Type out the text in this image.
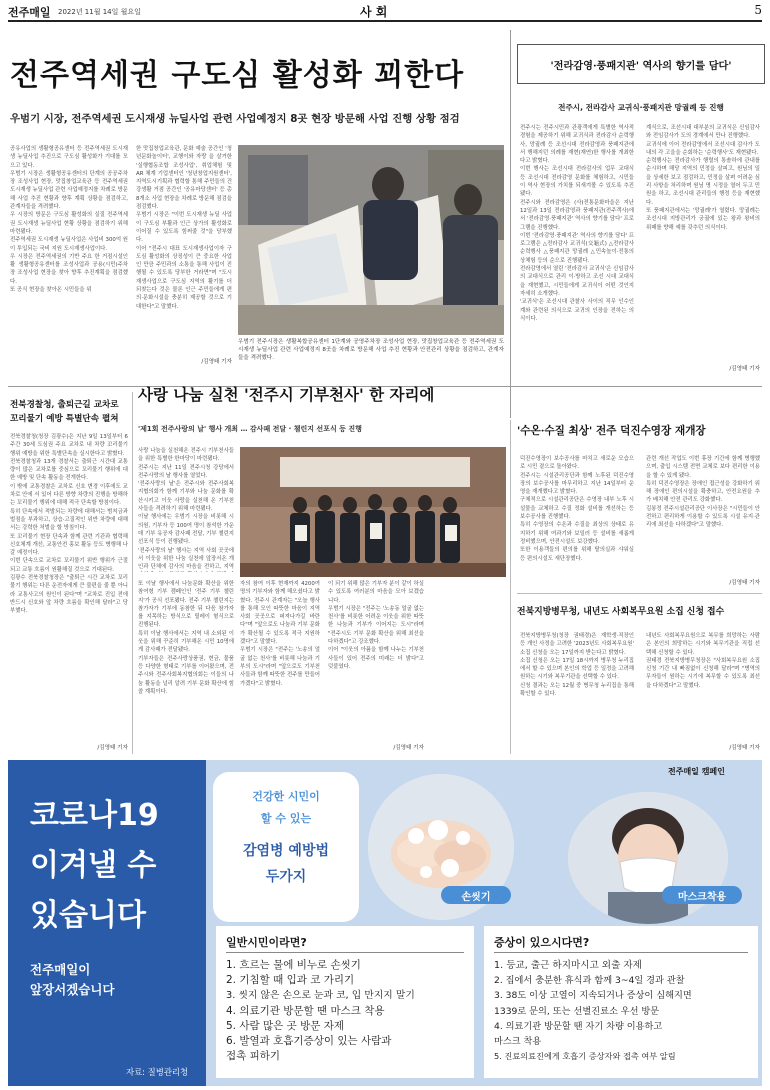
전주매일 2022년 11월 14일 월요일	사 회	5
전주역세권 구도심 활성화 꾀한다
우범기 시장, 전주역세권 도시재생 뉴딜사업 관련 사업예정지 8곳 현장 방문해 사업 진행 상황 점검
공유사업의 생활형공유센터 등 전주역세권 도시재생 뉴딜사업 추진으로 구도심 활성화가 기대를 모으고 있다.
우범기 시장은 생활형공유센터의 단계의 공공주차장 조성사업 현장, 맛집창업교육관 등 전주역세권 도시재생 뉴딜사업 관련 사업예정지를 차례로 방문해 사업 추진 현황과 향후 계획 상황을 점검하고, 관계자들을 격려했다.
우 시장의 방문은 구도심 활성화의 실질 전주역세권 도시재생 뉴딜사업 현황 상황을 점검하기 위해 마련됐다.
전주역세권 도시재생 뉴딜사업은 사업비 300억 원이 투입되는 국비 지원 도시재생사업이다.
우 시장은 전주역세권의 기반 주요 한 거점시설인 활 생활형공유센터를 조성사업과 공용(시민)주차장 조성사업 현장을 찾아 향후 추진계획을 점검했다.
또 공식 현장을 찾아온 시민들을 위
한 맛집창업교육관, 문화 예술 공간인 '청년문화놀이터', 교행이와 자랑 을 살거한 '실행협동조합 조성사업', 취업체험 및 AR 체계 기업센터인 '청년창업지원센터', 지역도시기획과 협력할 통해 주민들의 건강생활 거점 공간인 '공유마당센터' 등 총 8개소 사업 현장을 차례로 방문해 점검을 점검했다.
우범기 시장은 "이번 도시재생 뉴딜 사업이 구도심 부활과 인근 상가의 활성화로 이어질 수 있도록 힘써줄 것"을 당부했다.
이어 "전주시 대표 도시재생사업이자 구도심 활성화의 상징성이 큰 중요한 사업인 만큼 주민과의 소통을 통해 사업이 진행될 수 있도록 당부한 거라면"며 "도시재생사업으로 구도심 지역의 활기를 더 되찾는다 것은 물론 인근 주민들에게 편의·문화시설을 충분히 제공할 것으로 기대한다"고 말했다.
/김영태 기자
우범기 전주시장은 생활복합공유센터 1단계와 공영주차장 조성사업 현장, 맛집창업교육관 등 전주역세권 도시재생 뉴딜사업 관련 사업예정지 8곳을 차례로 방문해 사업 추진 현황과 안전관리 상황을 점검하고, 관계자들을 격려했다.
'전라감영·풍패지관' 역사의 향기를 담다'
전주시, 전라감사 교귀식·풍패지관 망궐례 등 진행
전주시는 전주시민과 관광객에게 특별한 역사적 경험을 제공하기 위해 교귀식과 전라감사 순력행사, 망궐례 등 조선시대 전라감영과 풍패지관에서 행해지던 의례를 재현(재연)한 행사를 개최한다고 밝혔다.
이번 행사는 조선시대 전라감사의 업무 교대식 등 조선시대 전라감영 문화를 체험하고, 시민들이 역사 현장의 가치를 되새겨볼 수 있도록 추진됐다.
전주시와 전라감영은 (사)전통문화마을은 지난 12일과 13일 전라감영과 풍패지관(전주객사)에서 '전라감영·풍패지관' 역사의 향기를 담다' 프로그램을 진행했다.
이번 '전라감영·풍패지관' 역사의 향기를 담다' 프로그램은 △전라감사 교귀식(交龜式) △전라감사 순력행사 △풍패지관 망궐례 △민속놀이·전통의상체험 등의 순으로 진행됐다.
전라감영에서 열린 '전라감사 교귀식'은 신임감사의 교대식으로 관리 이·방하고 조선 시대 교대식을 재현했고, 시민들에게 교귀식이 어떤 것인지 자세히 소개했다.
'교귀식'은 조선시대 관찰사 사이의 직무 인수인계와 관련된 의식으로 교귀의 인장을 전하는 의식이다.
계식으로, 조선시대 대부분의 교귀식은 신임감사와 전임감사가 도의 경계에서 만나 진행했다.
교귀식에 이어 전라감영에서 조선시대 감사가 도내의 각 고을을 순회하는 '순력행사'도 재현됐다.
순력행사는 전라감사가 행렬의 통솔하에 관내를 순시하며 해당 지역의 민정을 살피고, 원님의 일을 상세한 보고 점검하고, 민정을 살펴 어려운 심리 사항을 처리하며 원님 명 시정을 열어 두고 민원을 하고, 조선시대 관리들의 행정 등을 재현했다.
또 풍패지관에서는 '망궐례'가 열렸다. 망궐례는 조선시대 지방관리가 궁궐에 있는 왕과 왕비의 위패를 향해 예를 갖추던 의식이다.
/김영태 기자
전북경찰청, 출퇴근길 교차로 꼬리물기 예방 특별단속 펼쳐
전북경찰청(청장 김광수)은 지난 9일 13일부터 6주간 30세 도심권 주요 교차로 내 차량 꼬리물기 행위 예방을 위한 특별단속을 실시한다고 밝혔다.
전북경찰청과 13개 경찰서는 출퇴근 시간대 교통량이 많은 교차로를 중심으로 꼬리물기 행위에 대한 예방 및 단속 활동을 전개한다.
이 밖에 교통경찰은 교차로 신호 변경 이후에도 교차로 안에 서 있어 다른 방향 차량의 진행을 방해하는 꼬리물기 행위에 대해 적극 단속할 방침이다.
특히 단속에서 적발되는 차량에 대해서는 범칙금과 벌점을 부과하고, 상습·고질적인 위반 차량에 대해서는 강력한 처벌을 할 방침이다.
또 꼬리물기 현장 단속과 함께 관련 기관과 협력해 신호체계 개선, 교통안전 홍보 활동 등도 병행해 나갈 예정이다.
이번 단속으로 교차로 꼬리물기 위반 행위가 근절되고 교통 흐름이 원활해질 것으로 기대된다.
김광수 전북경찰청장은 "출퇴근 시간 교차로 꼬리물기 행위는 다른 운전자에게 큰 불편을 줄 뿐 아니라 교통사고의 원인이 된다"며 "교차로 진입 전에 반드시 신호와 앞 차량 흐름을 확인해 달라"고 당부했다.
/김영태 기자
사랑 나눔 실천 '전주시 기부천사' 한 자리에
'제1회 전주사랑의 날' 행사 개최 … 감사패 전달 · 챌린지 선포식 등 진행
사랑 나눔을 실천해온 전주시 기부천사들을 위한 특별한 한마당이 마련됐다.
전주시는 지난 11일 전주시청 강당에서 전주사랑의 날 행사를 열었다.
'전주사랑의 날'은 전주시와 전주사회복지협의회가 함께 기부와 나눔 문화를 확산시키고 이웃 사랑을 실천해 온 기부천사들을 격려하기 위해 마련됐다.
이날 행사에는 우범기 시장을 비롯해 시의원, 기부자 등 100여 명이 참석한 가운데 기부 유공자 감사패 전달, 기부 챌린지 선포식 등이 진행됐다.
'전주사랑의 날' 행사는 지역 사회 곳곳에서 이웃을 위한 나눔 실천에 앞장서온 개인과 단체에 감사의 마음을 전하고, 지역
또 이날 행사에서 나눔문화 확산을 위한 참여형 기부 캠페인인 '전주 기부 챌린지'가 공식 선포됐다. 전주 기부 챌린지는 참가자가 기부에 동참한 뒤 다음 참가자를 지목하는 방식으로 릴레이 형식으로 진행된다.
특히 이날 행사에서는 지역 내 소외된 이웃을 위해 꾸준히 기부해온 시민 10명에게 감사패가 전달됐다.
기부자들은 전주사랑상품권, 현금, 물품 등 다양한 형태로 기부를 이어왔으며, 전주시와 전주사회복지협의회는 이들의 나눔 활동을 널리 알려 기부 문화 확산에 힘쓸 계획이다.
자의 참여 이후 현재까지 4200여 명의 기부자와 함께 해오셨다고 밝혔다. 전주시 관계자는 "오늘 행사를 통해 모인 따뜻한 마음이 지역 사회 곳곳으로 퍼져나가길 바란다"며 "앞으로도 나눔과 기부 문화가 확산될 수 있도록 적극 지원하겠다"고 말했다.
우범기 시장은 "전주는 '노송의 얼굴 없는 천사'를 비롯해 나눔과 기부의 도시"라며 "앞으로도 기부천사들과 함께 따뜻한 전주를 만들어 가겠다"고 밝혔다.
이 되기 위해 많은 기부자 분이 같이 하실 수 있도록 여러분의 마음을 모아 보겠습니다.
우범기 시장은 "전주는 '노송동 얼굴 없는 천사'를 비롯한 어려운 이웃을 위한 따뜻한 나눔과 기부가 이어지는 도시"라며 "전주시도 기부 문화 확산을 위해 최선을 다하겠다"고 강조했다.
이어 "이웃의 아픔을 함께 나누는 기부천사들이 있어 전주의 미래는 더 밝다"고 덧붙였다.
/김영태 기자
'수온·수질 최상' 전주 덕진수영장 재개장
덕진수영장이 보수공사를 마치고 새로운 모습으로 시민 곁으로 돌아왔다.
전주시는 시설관리공단과 함께 노후된 덕진수영장의 보수공사를 마무리하고 지난 14일부터 운영을 재개했다고 밝혔다.
구체적으로 시설관리공단은 수영장 내부 노후 시설물을 교체하고 수질 정화 설비를 개선하는 등 보수공사를 진행했다.
특히 수영장의 수온과 수질을 최상의 상태로 유지하기 위해 여과기와 보일러 등 설비를 새롭게 정비했으며, 안전시설도 보강했다.
또한 이용객들의 편의를 위해 탈의실과 샤워실 등 편의시설도 새단장했다.
관련 개선 작업도 이번 휴장 기간에 함께 병행했으며, 출입 시스템 전면 교체로 보다 편리한 이용을 할 수 있게 됐다.
특히 덕진수영장은 장애인 접근성을 강화하기 위해 장애인 편의시설을 확충하고, 안전요원을 추가 배치해 안전 관리도 강화했다.
김봉정 전주시설관리공단 이사장은 "시민들이 안전하고 편리하게 이용할 수 있도록 시설 유지·관리에 최선을 다하겠다"고 말했다.
/김영태 기자
전북지방병무청, 내년도 사회복무요원 소집 신청 접수
전북지방병무청(청장 권태경)은 재학생·직장인 등 개인 사정을 고려한 '2023년도 사회복무요원' 소집 신청을 오는 17일까지 받는다고 밝혔다.
소집 신청은 오는 17일 18시까지 병무청 누리집에서 할 수 있으며 본인의 학업 등 일정을 고려해 원하는 시기와 복무기관을 선택할 수 있다.
신청 결과는 오는 12월 중 병무청 누리집을 통해 확인할 수 있다.
내년도 사회복무요원으로 복무를 희망하는 사람은 본인의 희망하는 시기와 복무기관을 직접 선택해 신청할 수 있다.
권태경 전북지방병무청장은 "사회복무요원 소집 신청 기간 내 빠짐없이 신청해 달라"며 "병역의무자들이 원하는 시기에 복무할 수 있도록 최선을 다하겠다"고 말했다.
/김영태 기자
코로나19
이겨낼 수
있습니다
전주매일이
앞장서겠습니다
전주매일 캠페인
건강한 시민이
할 수 있는
감염병 예방법
두가지
손씻기	마스크착용
일반시민이라면?
1. 흐르는 물에 비누로 손씻기
2. 기침할 때 입과 코 가리기
3. 씻지 않은 손으로 눈과 코, 입 만지지 말기
4. 의료기관 방문할 땐 마스크 착용
5. 사람 많은 곳 방문 자제
6. 발열과 호흡기증상이 있는 사람과
접촉 피하기
증상이 있으시다면?
1. 등교, 출근 하지마시고 외출 자제
2. 집에서 충분한 휴식과 함께 3~4일 경과 관찰
3. 38도 이상 고열이 지속되거나 증상이 심해지면
1339로 문의, 또는 선별진료소 우선 방문
4. 의료기관 방문할 땐 자기 차량 이용하고
마스크 착용
5. 진료의료진에게 호흡기 증상자와 접촉 여부 알림
자료: 질병관리청
